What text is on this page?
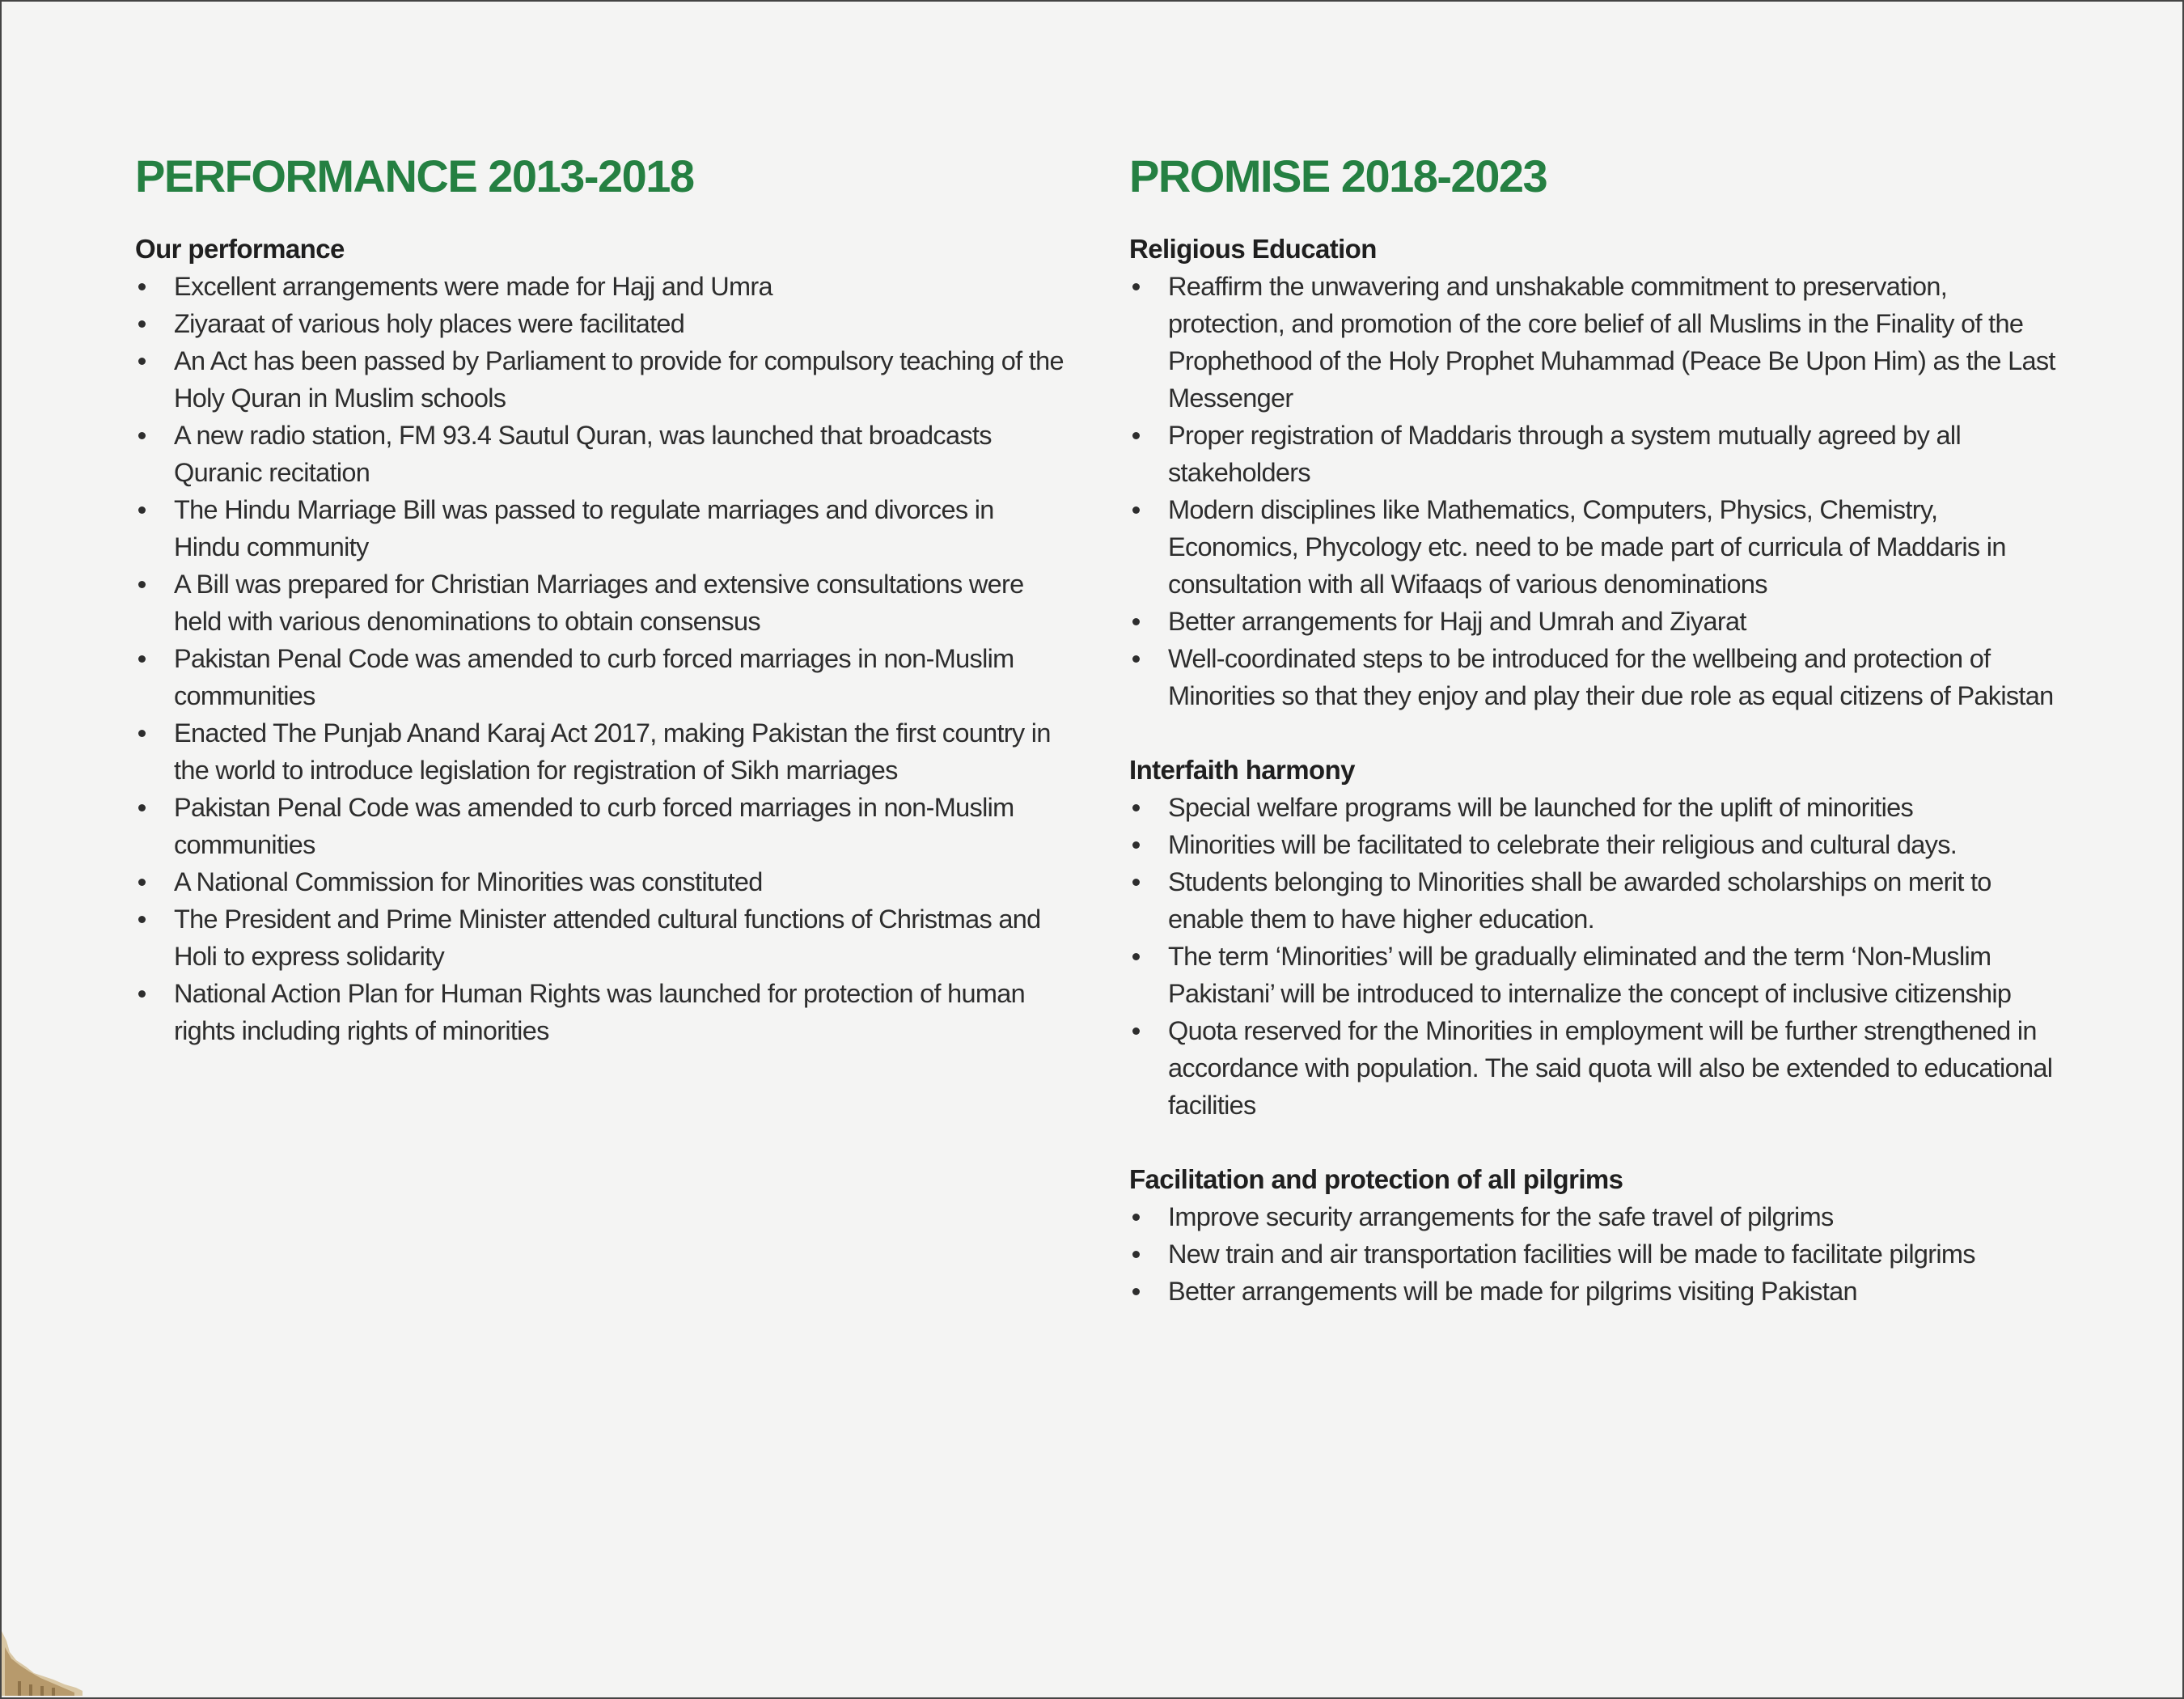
PERFORMANCE 2013-2018
Our performance
Excellent arrangements were made for Hajj and Umra
Ziyaraat of various holy places were facilitated
An Act has been passed by Parliament to provide for compulsory teaching of the Holy Quran in Muslim schools
A new radio station, FM 93.4 Sautul Quran, was launched that broadcasts Quranic recitation
The Hindu Marriage Bill was passed to regulate marriages and divorces in Hindu community
A Bill was prepared for Christian Marriages and extensive consultations were held with various denominations to obtain consensus
Pakistan Penal Code was amended to curb forced marriages in non-Muslim communities
Enacted The Punjab Anand Karaj Act 2017, making Pakistan the first country in the world to introduce legislation for registration of Sikh marriages
Pakistan Penal Code was amended to curb forced marriages in non-Muslim communities
A National Commission for Minorities was constituted
The President and Prime Minister attended cultural functions of Christmas and Holi to express solidarity
National Action Plan for Human Rights was launched for protection of human rights including rights of minorities
PROMISE 2018-2023
Religious Education
Reaffirm the unwavering and unshakable commitment to preservation, protection, and promotion of the core belief of all Muslims in the Finality of the Prophethood of the Holy Prophet Muhammad (Peace Be Upon Him) as the Last Messenger
Proper registration of Maddaris through a system mutually agreed by all stakeholders
Modern disciplines like Mathematics, Computers, Physics, Chemistry, Economics, Phycology etc. need to be made part of curricula of Maddaris in consultation with all Wifaaqs of various denominations
Better arrangements for Hajj and Umrah and Ziyarat
Well-coordinated steps to be introduced for the wellbeing and protection of Minorities so that they enjoy and play their due role as equal citizens of Pakistan
Interfaith harmony
Special welfare programs will be launched for the uplift of minorities
Minorities will be facilitated to celebrate their religious and cultural days.
Students belonging to Minorities shall be awarded scholarships on merit to enable them to have higher education.
The term ‘Minorities’ will be gradually eliminated and the term ‘Non-Muslim Pakistani’ will be introduced to internalize the concept of inclusive citizenship
Quota reserved for the Minorities in employment will be further strengthened in accordance with population. The said quota will also be extended to educational facilities
Facilitation and protection of all pilgrims
Improve security arrangements for the safe travel of pilgrims
New train and air transportation facilities will be made to facilitate pilgrims
Better arrangements will be made for pilgrims visiting Pakistan
